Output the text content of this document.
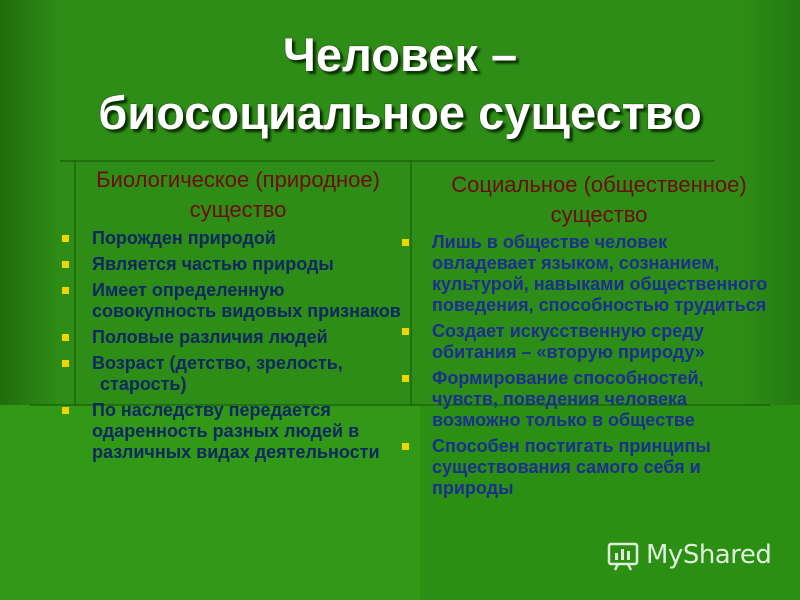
Человек –
биосоциальное существо
Биологическое (природное)
существо
Социальное (общественное)
существо
Порожден природой
Является частью природы
Имеет определенную совокупность видовых признаков
Половые различия людей
Возраст (детство, зрелость,
старость)
По наследству передается одаренность разных людей в различных видах деятельности
Лишь в обществе человек овладевает языком, сознанием, культурой, навыками общественного поведения, способностью трудиться
Создает искусственную среду обитания – «вторую природу»
Формирование способностей, чувств, поведения человека возможно только в обществе
Способен постигать принципы существования самого себя и природы
MyShared
